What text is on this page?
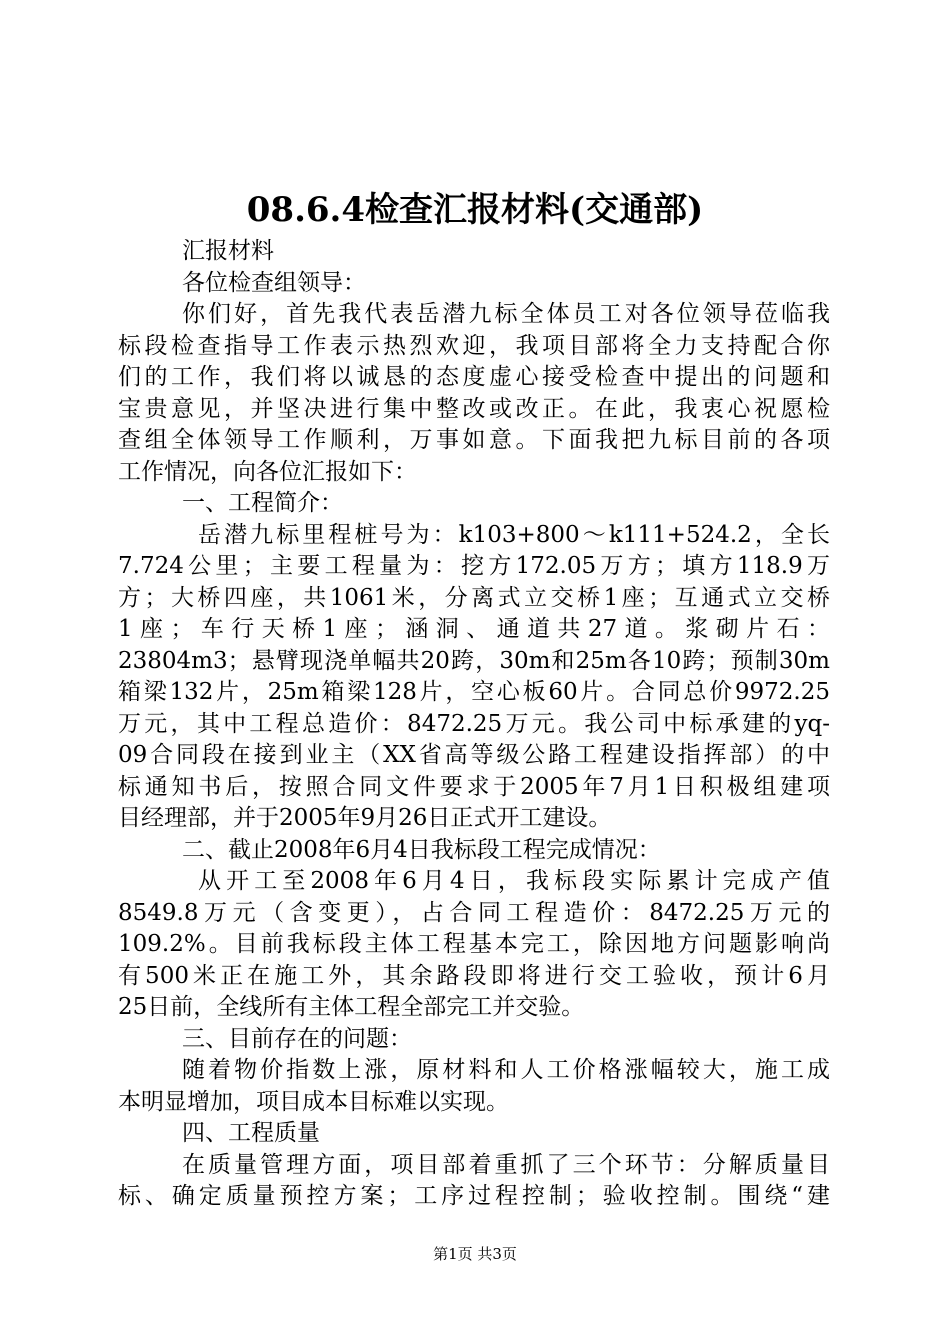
08.6.4检查汇报材料(交通部)
汇报材料
各位检查组领导：
你们好，首先我代表岳潜九标全体员工对各位领导莅临我
标段检查指导工作表示热烈欢迎，我项目部将全力支持配合你
们的工作，我们将以诚恳的态度虚心接受检查中提出的问题和
宝贵意见，并坚决进行集中整改或改正。在此，我衷心祝愿检
查组全体领导工作顺利，万事如意。下面我把九标目前的各项
工作情况，向各位汇报如下：
一、工程简介：
岳潜九标里程桩号为：k103+800～k111+524.2，全长
7.724公里；主要工程量为：挖方172.05万方；填方118.9万
方；大桥四座，共1061米，分离式立交桥1座；互通式立交桥
1座；车行天桥1座；涵洞、通道共27道。浆砌片石：
23804m3；悬臂现浇单幅共20跨，30m和25m各10跨；预制30m
箱梁132片，25m箱梁128片，空心板60片。合同总价9972.25
万元，其中工程总造价：8472.25万元。我公司中标承建的yq-
09合同段在接到业主（XX省高等级公路工程建设指挥部）的中
标通知书后，按照合同文件要求于2005年7月1日积极组建项
目经理部，并于2005年9月26日正式开工建设。
二、截止2008年6月4日我标段工程完成情况：
从开工至2008年6月4日，我标段实际累计完成产值
8549.8万元（含变更），占合同工程造价：8472.25万元的
109.2%。目前我标段主体工程基本完工，除因地方问题影响尚
有500米正在施工外，其余路段即将进行交工验收，预计6月
25日前，全线所有主体工程全部完工并交验。
三、目前存在的问题：
随着物价指数上涨，原材料和人工价格涨幅较大，施工成
本明显增加，项目成本目标难以实现。
四、工程质量
在质量管理方面，项目部着重抓了三个环节：分解质量目
标、确定质量预控方案；工序过程控制；验收控制。围绕“建
第1页 共3页
